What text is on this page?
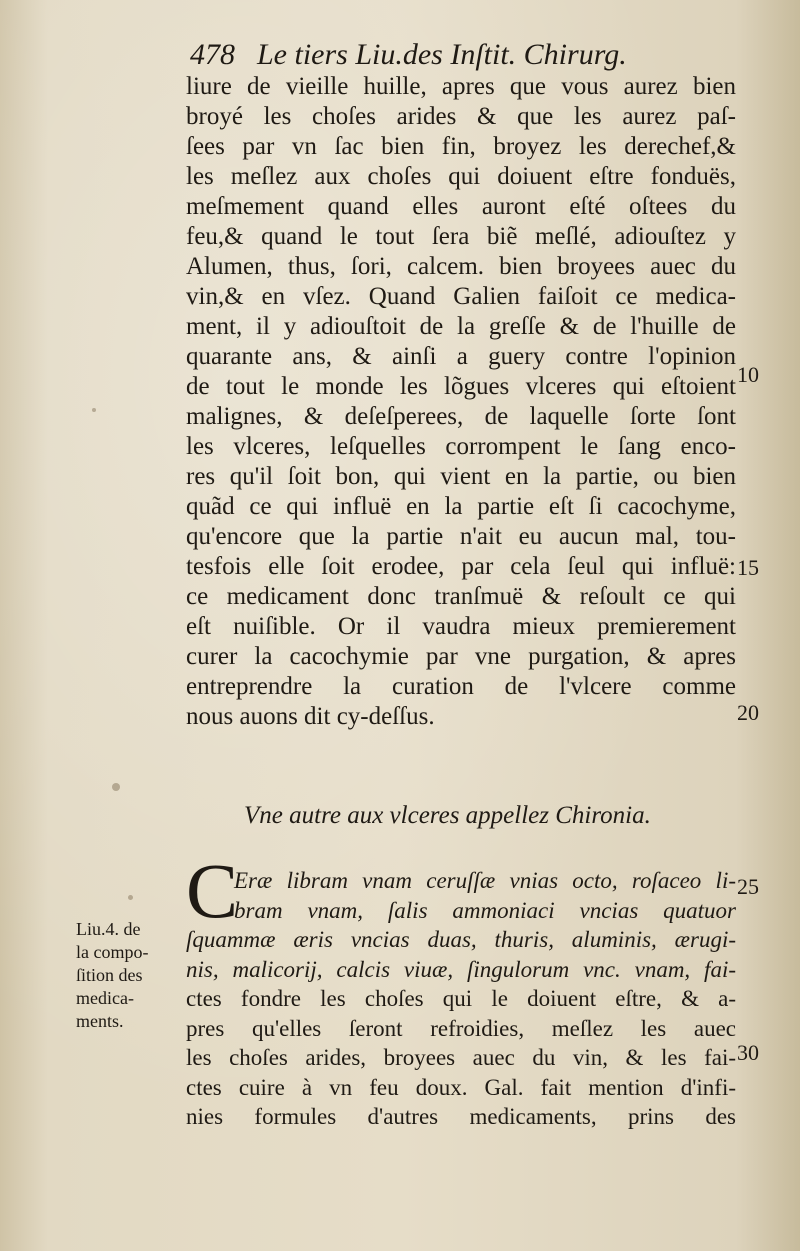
478 Le tiers Liu.des Inſtit. Chirurg.
liure de vieille huille, apres que vous aurez bien
broyé les choſes arides & que les aurez paſ-
ſees par vn ſac bien fin, broyez les derechef,&
les meſlez aux choſes qui doiuent eſtre fonduës,
meſmement quand elles auront eſté oſtees du
feu,& quand le tout ſera biẽ meſlé, adiouſtez y
Alumen, thus, ſori, calcem. bien broyees auec du
vin,& en vſez. Quand Galien faiſoit ce medica-
ment, il y adiouſtoit de la greſſe & de l'huille de
quarante ans, & ainſi a guery contre l'opinion
de tout le monde les lõgues vlceres qui eſtoient
malignes, & deſeſperees, de laquelle ſorte ſont
les vlceres, leſquelles corrompent le ſang enco-
res qu'il ſoit bon, qui vient en la partie, ou bien
quãd ce qui influë en la partie eſt ſi cacochyme,
qu'encore que la partie n'ait eu aucun mal, tou-
tesfois elle ſoit erodee, par cela ſeul qui influë:
ce medicament donc tranſmuë & reſoult ce qui
eſt nuiſible. Or il vaudra mieux premierement
curer la cacochymie par vne purgation, & apres
entreprendre la curation de l'vlcere comme
nous auons dit cy-deſſus.
Vne autre aux vlceres appellez Chironia.
C
Eræ libram vnam ceruſſæ vnias octo, roſaceo li-
bram vnam, ſalis ammoniaci vncias quatuor
ſquammæ æris vncias duas, thuris, aluminis, ærugi-
nis, malicorij, calcis viuæ, ſingulorum vnc. vnam, fai-
ctes fondre les choſes qui le doiuent eſtre, & a-
pres qu'elles ſeront refroidies, meſlez les auec
les choſes arides, broyees auec du vin, & les fai-
ctes cuire à vn feu doux. Gal. fait mention d'infi-
nies formules d'autres medicaments, prins des
10
15
20
25
30
Liu.4. de
la compo-
ſition des
medica-
ments.
